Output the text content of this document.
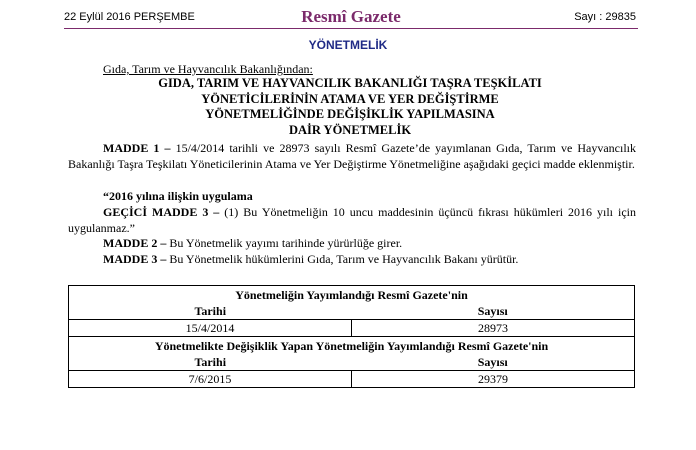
22 Eylül 2016 PERŞEMBE	Resmî Gazete	Sayı : 29835
YÖNETMELİK
Gıda, Tarım ve Hayvancılık Bakanlığından:
GIDA, TARIM VE HAYVANCILIK BAKANLIĞI TAŞRA TEŞKİLATI
YÖNETİCİLERİNİN ATAMA VE YER DEĞİŞTİRME
YÖNETMELİĞİNDE DEĞİŞİKLİK YAPILMASINA
DAİR YÖNETMELİK

MADDE 1 – 15/4/2014 tarihli ve 28973 sayılı Resmî Gazete’de yayımlanan Gıda, Tarım ve Hayvancılık Bakanlığı Taşra Teşkilatı Yöneticilerinin Atama ve Yer Değiştirme Yönetmeliğine aşağıdaki geçici madde eklenmiştir.

“2016 yılına ilişkin uygulama

GEÇİCİ MADDE 3 – (1) Bu Yönetmeliğin 10 uncu maddesinin üçüncü fıkrası hükümleri 2016 yılı için uygulanmaz.”

MADDE 2 – Bu Yönetmelik yayımı tarihinde yürürlüğe girer.

MADDE 3 – Bu Yönetmelik hükümlerini Gıda, Tarım ve Hayvancılık Bakanı yürütür.

Yönetmeliğin Yayımlandığı Resmî Gazete'nin	
Tarihi	Sayısı
15/4/2014	28973
Yönetmelikte Değişiklik Yapan Yönetmeliğin Yayımlandığı Resmî Gazete'nin	
Tarihi	Sayısı
7/6/2015	29379
